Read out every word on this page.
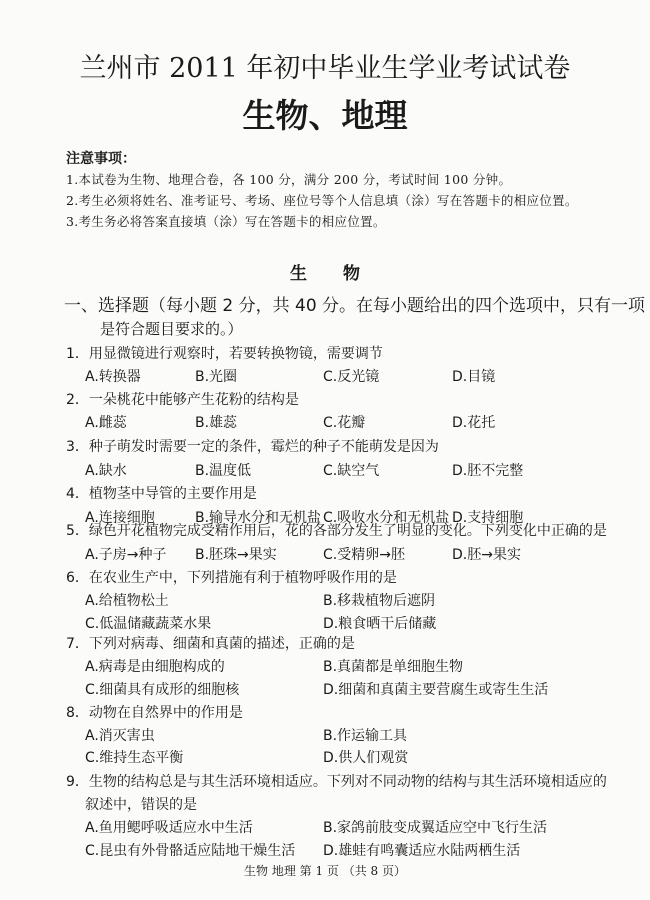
兰州市 2011 年初中毕业生学业考试试卷
生物、地理
注意事项：
1.本试卷为生物、地理合卷，各 100 分，满分 200 分，考试时间 100 分钟。
2.考生必须将姓名、准考证号、考场、座位号等个人信息填（涂）写在答题卡的相应位置。
3.考生务必将答案直接填（涂）写在答题卡的相应位置。
生 物
一、选择题（每小题 2 分，共 40 分。在每小题给出的四个选项中，只有一项
是符合题目要求的。）
1．用显微镜进行观察时，若要转换物镜，需要调节
A.转换器	B.光圈	C.反光镜	D.目镜
2．一朵桃花中能够产生花粉的结构是
A.雌蕊	B.雄蕊	C.花瓣	D.花托
3．种子萌发时需要一定的条件，霉烂的种子不能萌发是因为
A.缺水	B.温度低	C.缺空气	D.胚不完整
4．植物茎中导管的主要作用是
A.连接细胞	B.输导水分和无机盐 C.吸收水分和无机盐 D.支持细胞
5．绿色开花植物完成受精作用后，花的各部分发生了明显的变化。下列变化中正确的是
A.子房→种子 B.胚珠→果实	C.受精卵→胚	D.胚→果实
6．在农业生产中，下列措施有利于植物呼吸作用的是
A.给植物松土	B.移栽植物后遮阴
C.低温储藏蔬菜水果	D.粮食晒干后储藏
7．下列对病毒、细菌和真菌的描述，正确的是
A.病毒是由细胞构成的	B.真菌都是单细胞生物
C.细菌具有成形的细胞核	D.细菌和真菌主要营腐生或寄生生活
8．动物在自然界中的作用是
A.消灭害虫	B.作运输工具
C.维持生态平衡	D.供人们观赏
9．生物的结构总是与其生活环境相适应。下列对不同动物的结构与其生活环境相适应的
叙述中，错误的是
A.鱼用鳃呼吸适应水中生活	B.家鸽前肢变成翼适应空中飞行生活
C.昆虫有外骨骼适应陆地干燥生活 D.雄蛙有鸣囊适应水陆两栖生活
生物 地理 第 1 页 （共 8 页）
